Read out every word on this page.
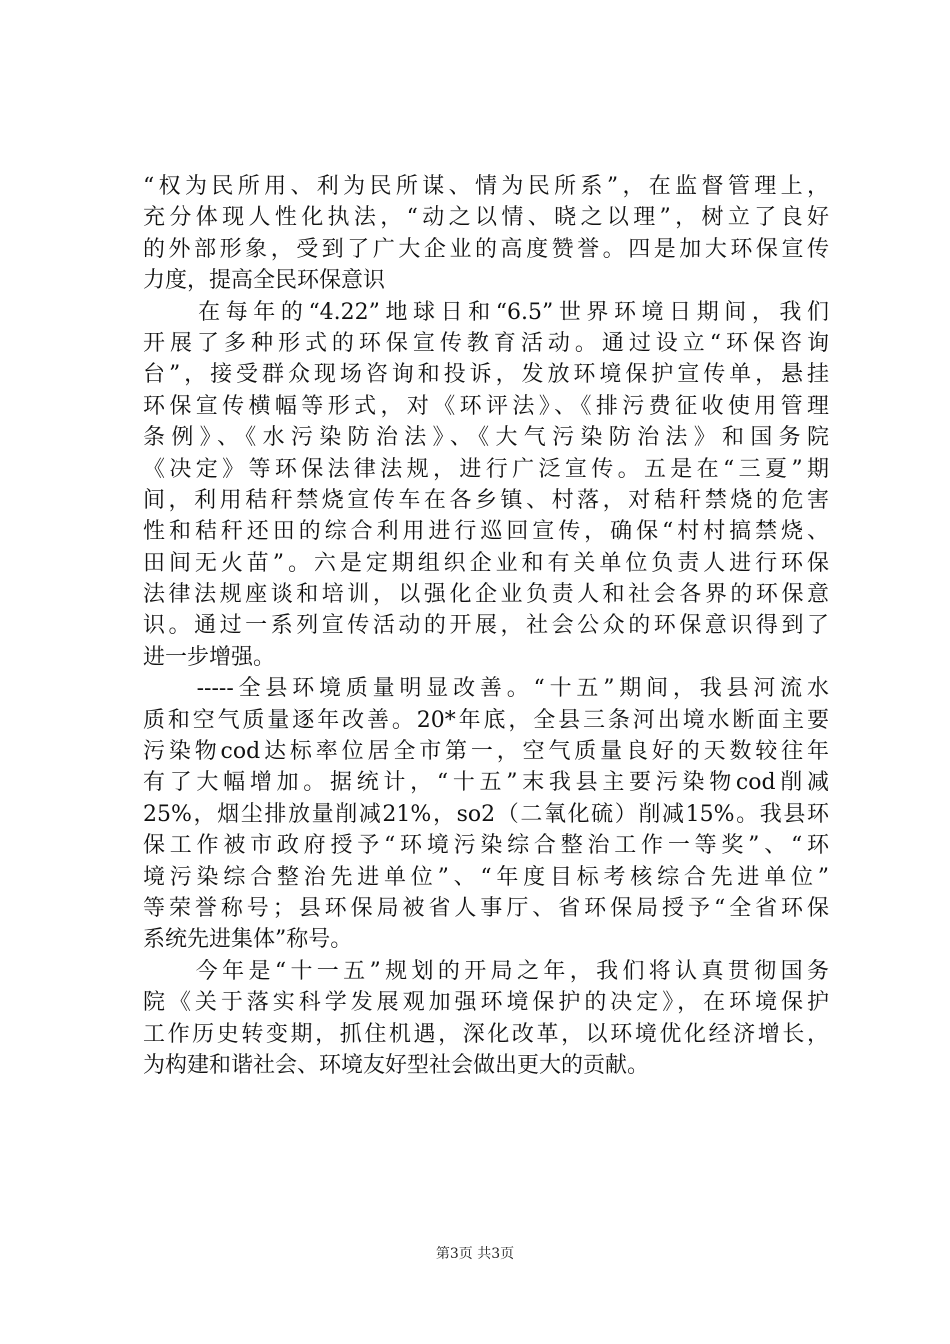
“权为民所用、利为民所谋、情为民所系”，在监督管理上，
充分体现人性化执法，“动之以情、晓之以理”，树立了良好
的外部形象，受到了广大企业的高度赞誉。四是加大环保宣传
力度，提高全民环保意识
　　在每年的“4.22”地球日和“6.5”世界环境日期间，我们
开展了多种形式的环保宣传教育活动。通过设立“环保咨询
台”，接受群众现场咨询和投诉，发放环境保护宣传单，悬挂
环保宣传横幅等形式，对《环评法》、《排污费征收使用管理
条例》、《水污染防治法》、《大气污染防治法》和国务院
《决定》等环保法律法规，进行广泛宣传。五是在“三夏”期
间，利用秸秆禁烧宣传车在各乡镇、村落，对秸秆禁烧的危害
性和秸秆还田的综合利用进行巡回宣传，确保“村村搞禁烧、
田间无火苗”。六是定期组织企业和有关单位负责人进行环保
法律法规座谈和培训，以强化企业负责人和社会各界的环保意
识。通过一系列宣传活动的开展，社会公众的环保意识得到了
进一步增强。
　　-----全县环境质量明显改善。“十五”期间，我县河流水
质和空气质量逐年改善。20*年底，全县三条河出境水断面主要
污染物cod达标率位居全市第一，空气质量良好的天数较往年
有了大幅增加。据统计，“十五”末我县主要污染物cod削减
25%，烟尘排放量削减21%，so2（二氧化硫）削减15%。我县环
保工作被市政府授予“环境污染综合整治工作一等奖”、“环
境污染综合整治先进单位”、“年度目标考核综合先进单位”
等荣誉称号；县环保局被省人事厅、省环保局授予“全省环保
系统先进集体”称号。
　　今年是“十一五”规划的开局之年，我们将认真贯彻国务
院《关于落实科学发展观加强环境保护的决定》，在环境保护
工作历史转变期，抓住机遇，深化改革，以环境优化经济增长，
为构建和谐社会、环境友好型社会做出更大的贡献。
第3页 共3页
